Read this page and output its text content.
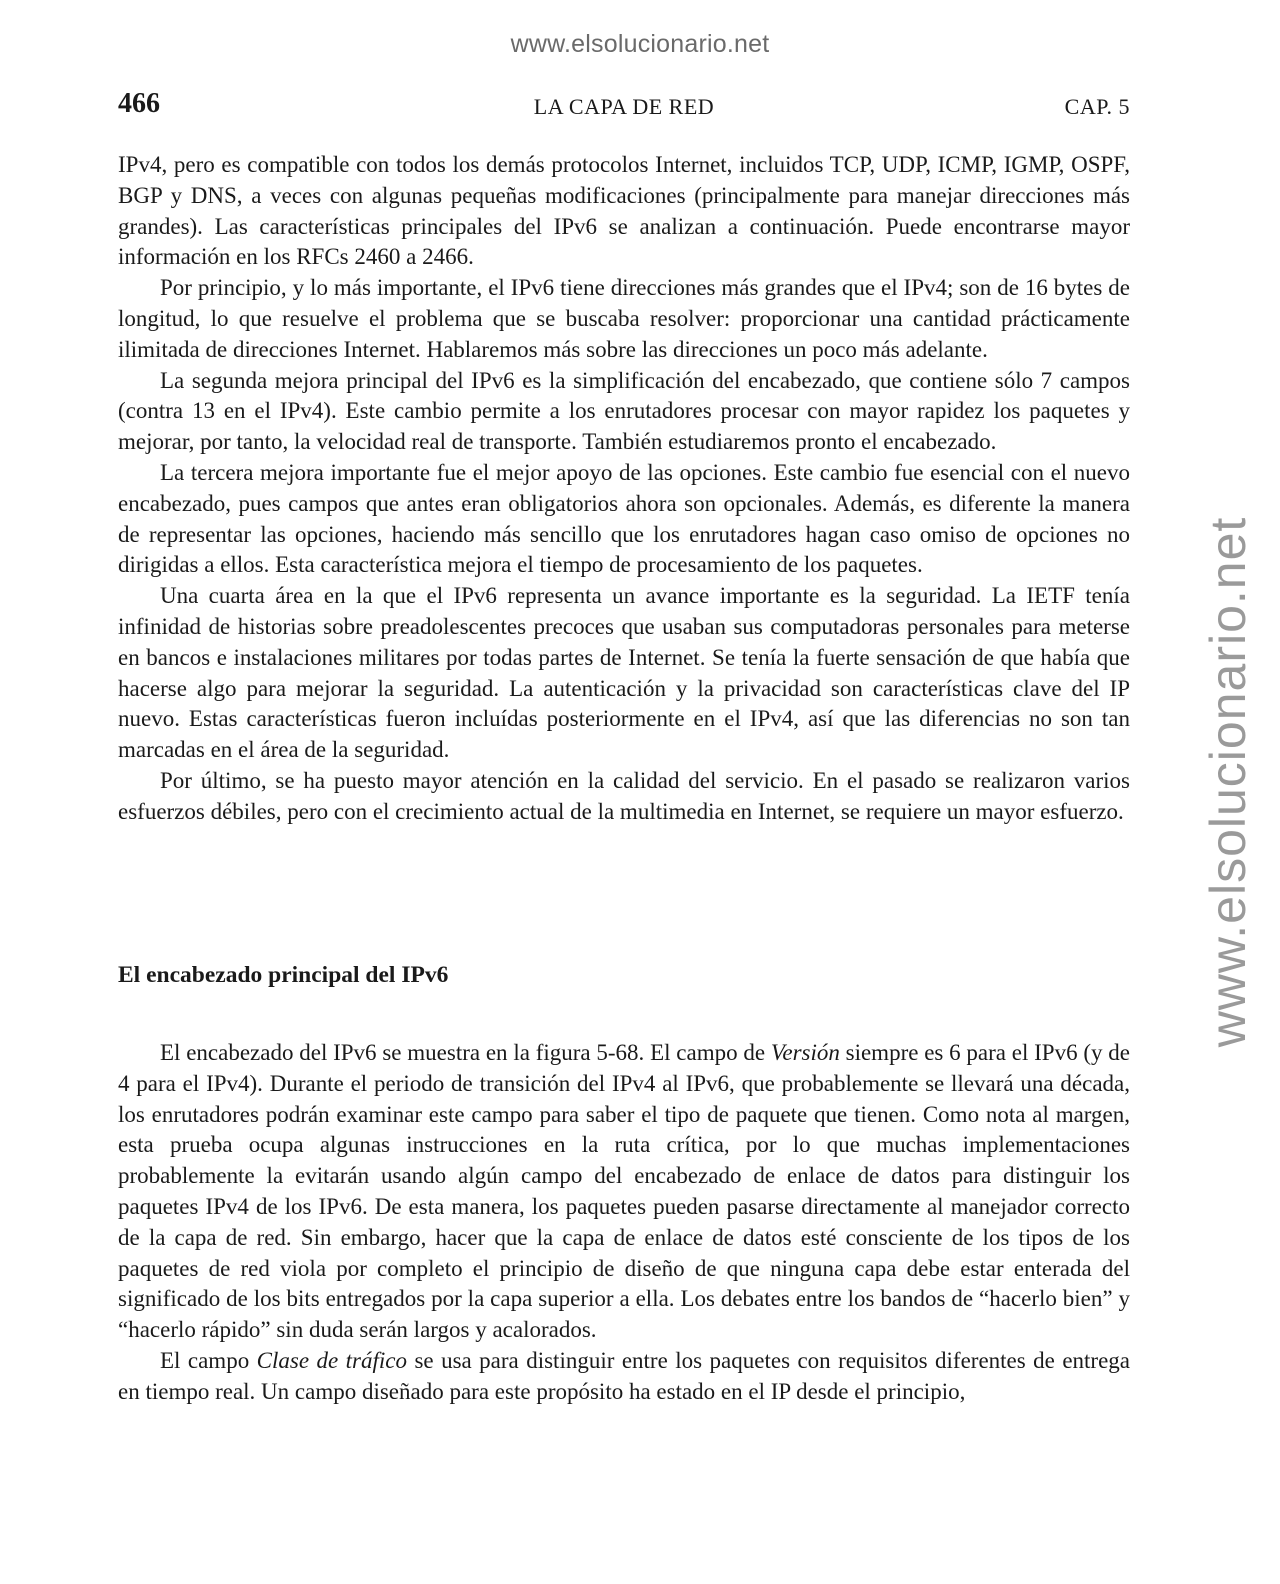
www.elsolucionario.net
www.elsolucionario.net
466	LA CAPA DE RED	CAP. 5

IPv4, pero es compatible con todos los demás protocolos Internet, incluidos TCP, UDP, ICMP, IGMP, OSPF, BGP y DNS, a veces con algunas pequeñas modificaciones (principalmente para manejar direcciones más grandes). Las características principales del IPv6 se analizan a continuación. Puede encontrarse mayor información en los RFCs 2460 a 2466.

Por principio, y lo más importante, el IPv6 tiene direcciones más grandes que el IPv4; son de 16 bytes de longitud, lo que resuelve el problema que se buscaba resolver: proporcionar una cantidad prácticamente ilimitada de direcciones Internet. Hablaremos más sobre las direcciones un poco más adelante.

La segunda mejora principal del IPv6 es la simplificación del encabezado, que contiene sólo 7 campos (contra 13 en el IPv4). Este cambio permite a los enrutadores procesar con mayor rapidez los paquetes y mejorar, por tanto, la velocidad real de transporte. También estudiaremos pronto el encabezado.

La tercera mejora importante fue el mejor apoyo de las opciones. Este cambio fue esencial con el nuevo encabezado, pues campos que antes eran obligatorios ahora son opcionales. Además, es diferente la manera de representar las opciones, haciendo más sencillo que los enrutadores hagan caso omiso de opciones no dirigidas a ellos. Esta característica mejora el tiempo de procesamiento de los paquetes.

Una cuarta área en la que el IPv6 representa un avance importante es la seguridad. La IETF tenía infinidad de historias sobre preadolescentes precoces que usaban sus computadoras personales para meterse en bancos e instalaciones militares por todas partes de Internet. Se tenía la fuerte sensación de que había que hacerse algo para mejorar la seguridad. La autenticación y la privacidad son características clave del IP nuevo. Estas características fueron incluídas posteriormente en el IPv4, así que las diferencias no son tan marcadas en el área de la seguridad.

Por último, se ha puesto mayor atención en la calidad del servicio. En el pasado se realizaron varios esfuerzos débiles, pero con el crecimiento actual de la multimedia en Internet, se requiere un mayor esfuerzo.

El encabezado principal del IPv6

El encabezado del IPv6 se muestra en la figura 5-68. El campo de Versión siempre es 6 para el IPv6 (y de 4 para el IPv4). Durante el periodo de transición del IPv4 al IPv6, que probablemente se llevará una década, los enrutadores podrán examinar este campo para saber el tipo de paquete que tienen. Como nota al margen, esta prueba ocupa algunas instrucciones en la ruta crítica, por lo que muchas implementaciones probablemente la evitarán usando algún campo del encabezado de enlace de datos para distinguir los paquetes IPv4 de los IPv6. De esta manera, los paquetes pueden pasarse directamente al manejador correcto de la capa de red. Sin embargo, hacer que la capa de enlace de datos esté consciente de los tipos de los paquetes de red viola por completo el principio de diseño de que ninguna capa debe estar enterada del significado de los bits entregados por la capa superior a ella. Los debates entre los bandos de “hacerlo bien” y “hacerlo rápido” sin duda serán largos y acalorados.

El campo Clase de tráfico se usa para distinguir entre los paquetes con requisitos diferentes de entrega en tiempo real. Un campo diseñado para este propósito ha estado en el IP desde el principio,
